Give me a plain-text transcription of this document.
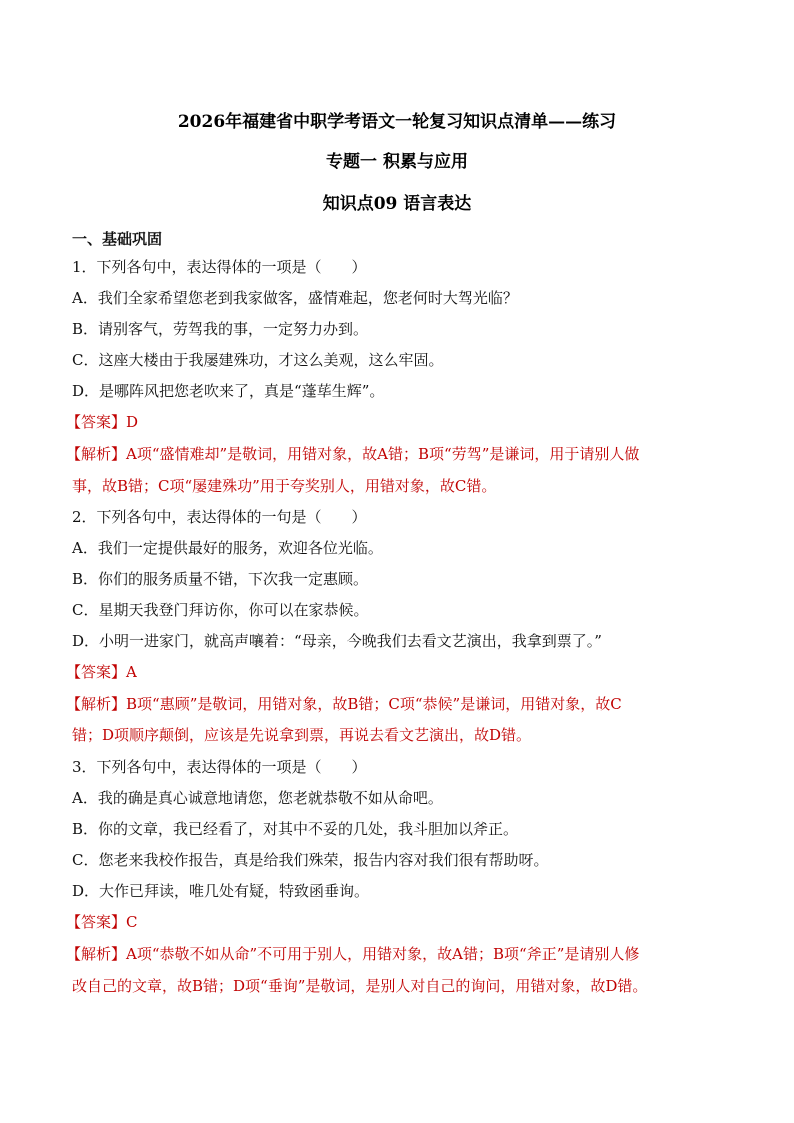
2026年福建省中职学考语文一轮复习知识点清单——练习
专题一 积累与应用
知识点09 语言表达
一、基础巩固
1．下列各句中，表达得体的一项是（　　）
A．我们全家希望您老到我家做客，盛情难起，您老何时大驾光临？
B．请别客气，劳驾我的事，一定努力办到。
C．这座大楼由于我屡建殊功，才这么美观，这么牢固。
D．是哪阵风把您老吹来了，真是“蓬荜生辉”。
【答案】D
【解析】A项“盛情难却”是敬词，用错对象，故A错；B项“劳驾”是谦词，用于请别人做
事，故B错；C项“屡建殊功”用于夸奖别人，用错对象，故C错。
2．下列各句中，表达得体的一句是（　　）
A．我们一定提供最好的服务，欢迎各位光临。
B．你们的服务质量不错，下次我一定惠顾。
C．星期天我登门拜访你，你可以在家恭候。
D．小明一进家门，就高声嚷着：“母亲，今晚我们去看文艺演出，我拿到票了。”
【答案】A
【解析】B项“惠顾”是敬词，用错对象，故B错；C项“恭候”是谦词，用错对象，故C
错；D项顺序颠倒，应该是先说拿到票，再说去看文艺演出，故D错。
3．下列各句中，表达得体的一项是（　　）
A．我的确是真心诚意地请您，您老就恭敬不如从命吧。
B．你的文章，我已经看了，对其中不妥的几处，我斗胆加以斧正。
C．您老来我校作报告，真是给我们殊荣，报告内容对我们很有帮助呀。
D．大作已拜读，唯几处有疑，特致函垂询。
【答案】C
【解析】A项“恭敬不如从命”不可用于别人，用错对象，故A错；B项“斧正”是请别人修
改自己的文章，故B错；D项“垂询”是敬词，是别人对自己的询问，用错对象，故D错。
